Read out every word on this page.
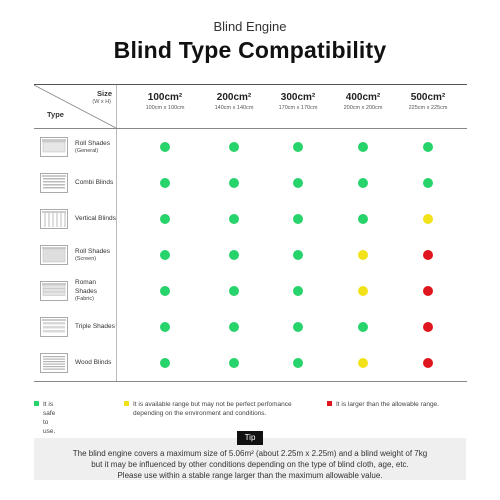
Blind Engine
Blind Type Compatibility
Size
(W x H)
Type
100cm²
100cm x 100cm
200cm²
140cm x 140cm
300cm²
170cm x 170cm
400cm²
200cm x 200cm
500cm²
225cm x 225cm
Roll Shades
(General)
Combi Blinds
Vertical Blinds
Roll Shades
(Screen)
Roman Shades
(Fabric)
Triple Shades
Wood Blinds
It is safe to use.
It is available range but may not be perfect perfomance
depending on the environment and conditions.
It is larger than the allowable range.
Tip
The blind engine covers a maximum size of 5.06m² (about 2.25m x 2.25m) and a blind weight of 7kg
but it may be influenced by other conditions depending on the type of blind cloth, age, etc.
Please use within a stable range larger than the maximum allowable value.
